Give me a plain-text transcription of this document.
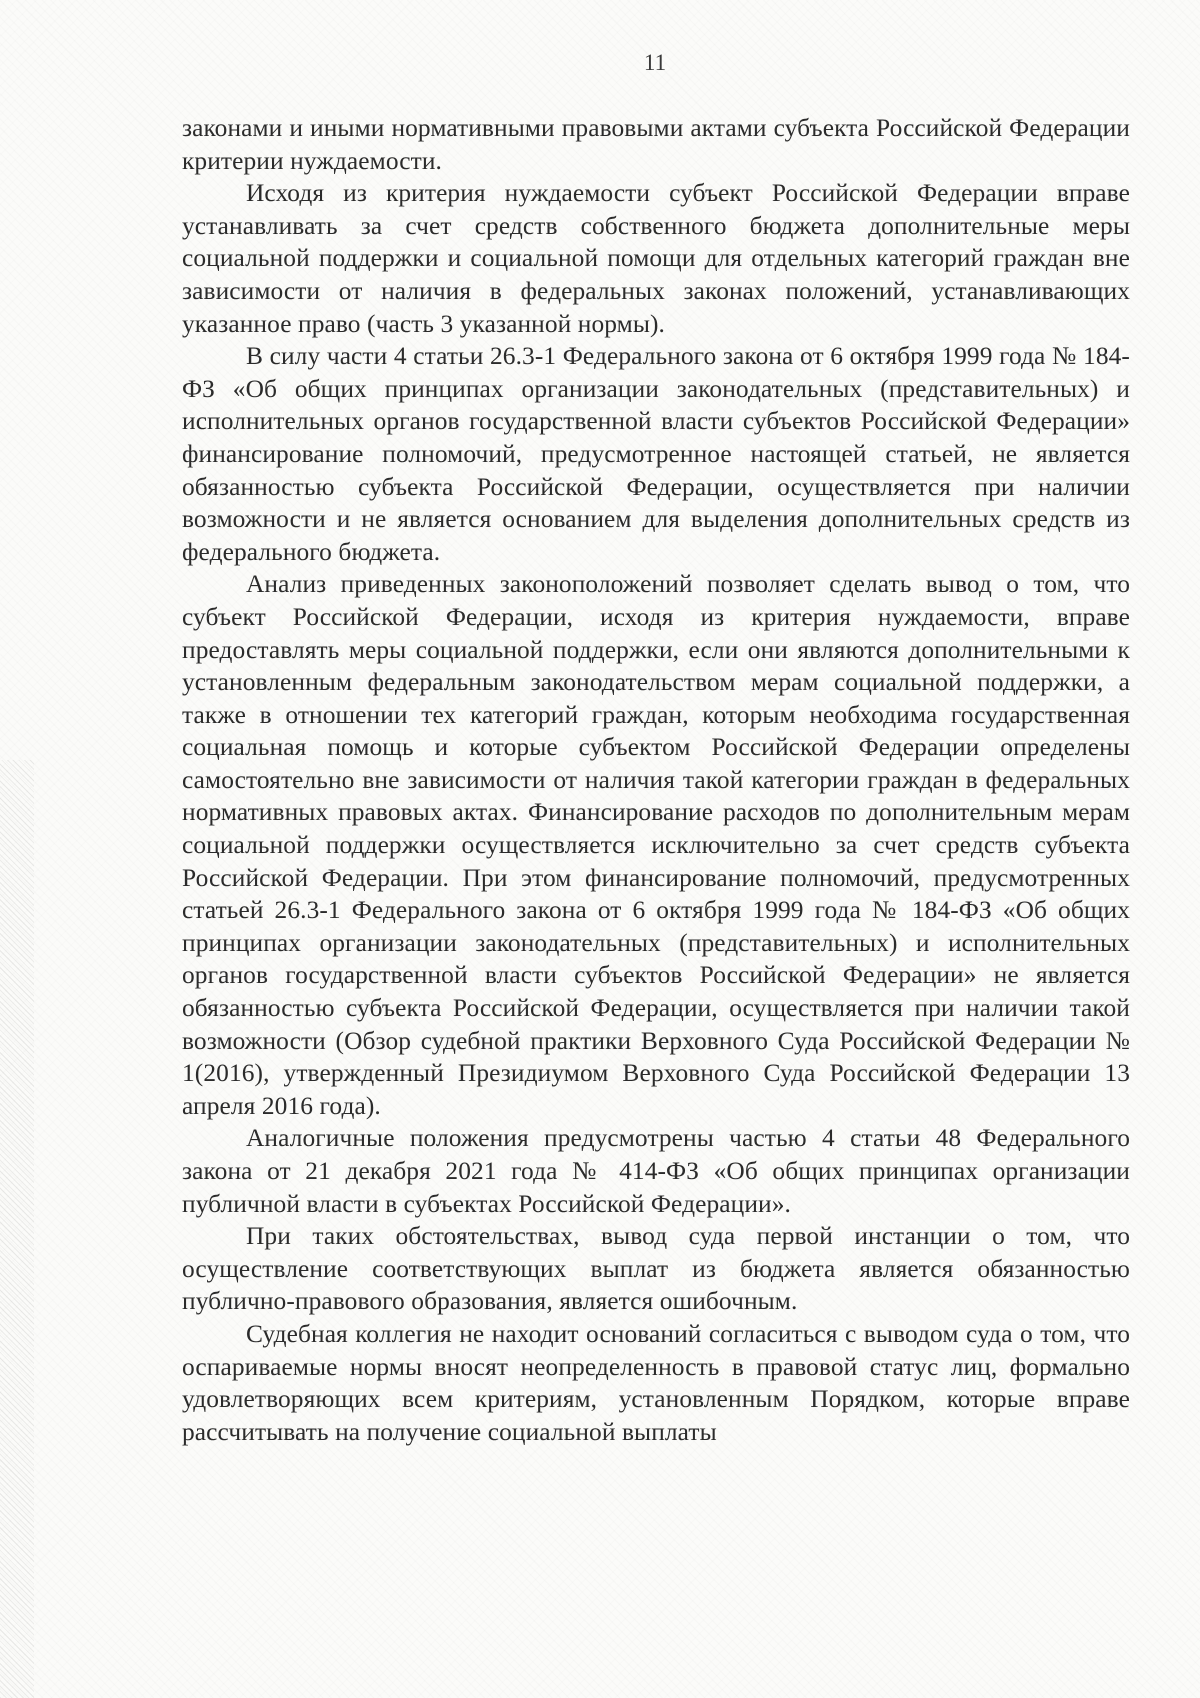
11

законами и иными нормативными правовыми актами субъекта Российской Федерации критерии нуждаемости.

Исходя из критерия нуждаемости субъект Российской Федерации вправе устанавливать за счет средств собственного бюджета дополнительные меры социальной поддержки и социальной помощи для отдельных категорий граждан вне зависимости от наличия в федеральных законах положений, устанавливающих указанное право (часть 3 указанной нормы).

В силу части 4 статьи 26.3-1 Федерального закона от 6 октября 1999 года № 184-ФЗ «Об общих принципах организации законодательных (представительных) и исполнительных органов государственной власти субъектов Российской Федерации» финансирование полномочий, предусмотренное настоящей статьей, не является обязанностью субъекта Российской Федерации, осуществляется при наличии возможности и не является основанием для выделения дополнительных средств из федерального бюджета.

Анализ приведенных законоположений позволяет сделать вывод о том, что субъект Российской Федерации, исходя из критерия нуждаемости, вправе предоставлять меры социальной поддержки, если они являются дополнительными к установленным федеральным законодательством мерам социальной поддержки, а также в отношении тех категорий граждан, которым необходима государственная социальная помощь и которые субъектом Российской Федерации определены самостоятельно вне зависимости от наличия такой категории граждан в федеральных нормативных правовых актах. Финансирование расходов по дополнительным мерам социальной поддержки осуществляется исключительно за счет средств субъекта Российской Федерации. При этом финансирование полномочий, предусмотренных статьей 26.3-1 Федерального закона от 6 октября 1999 года № 184-ФЗ «Об общих принципах организации законодательных (представительных) и исполнительных органов государственной власти субъектов Российской Федерации» не является обязанностью субъекта Российской Федерации, осуществляется при наличии такой возможности (Обзор судебной практики Верховного Суда Российской Федерации № 1(2016), утвержденный Президиумом Верховного Суда Российской Федерации 13 апреля 2016 года).

Аналогичные положения предусмотрены частью 4 статьи 48 Федерального закона от 21 декабря 2021 года № 414-ФЗ «Об общих принципах организации публичной власти в субъектах Российской Федерации».

При таких обстоятельствах, вывод суда первой инстанции о том, что осуществление соответствующих выплат из бюджета является обязанностью публично-правового образования, является ошибочным.

Судебная коллегия не находит оснований согласиться с выводом суда о том, что оспариваемые нормы вносят неопределенность в правовой статус лиц, формально удовлетворяющих всем критериям, установленным Порядком, которые вправе рассчитывать на получение социальной выплаты
